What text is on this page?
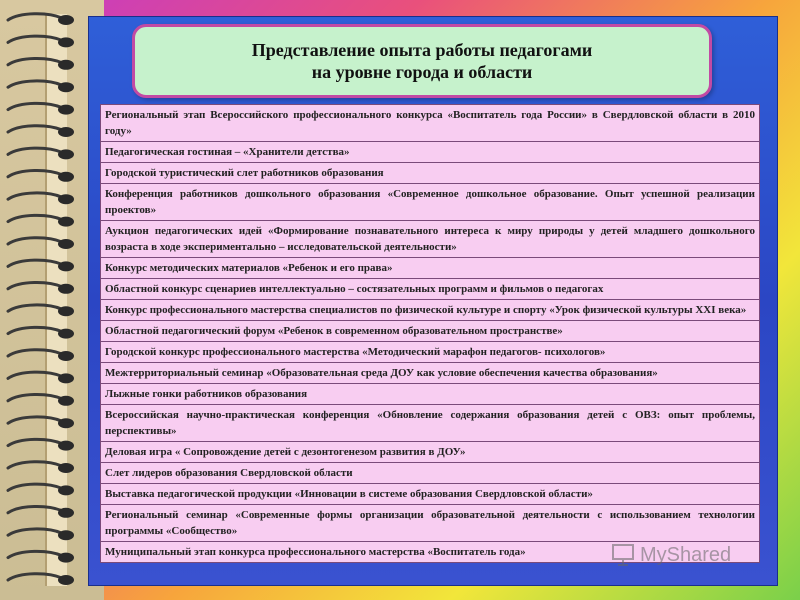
Представление опыта работы педагогами
на уровне города и области
Региональный этап Всероссийского профессионального конкурса «Воспитатель года России» в Свердловской области в 2010 году»
Педагогическая гостиная – «Хранители детства»
Городской туристический слет работников образования
Конференция работников дошкольного образования «Современное дошкольное образование. Опыт успешной реализации проектов»
Аукцион педагогических идей «Формирование познавательного интереса к миру природы у детей младшего дошкольного возраста в ходе экспериментально – исследовательской деятельности»
Конкурс методических материалов «Ребенок и его права»
Областной конкурс сценариев интеллектуально – состязательных программ и фильмов о педагогах
Конкурс профессионального мастерства специалистов по физической культуре и спорту «Урок физической культуры XXI века»
Областной педагогический форум «Ребенок в современном образовательном пространстве»
Городской конкурс профессионального мастерства «Методический марафон педагогов- психологов»
Межтерриториальный семинар «Образовательная среда ДОУ как условие обеспечения качества образования»
Лыжные гонки работников образования
Всероссийская научно-практическая конференция «Обновление содержания образования детей с ОВЗ: опыт проблемы, перспективы»
Деловая игра « Сопровождение детей с дезонтогенезом развития в ДОУ»
Слет лидеров образования Свердловской области
Выставка педагогической продукции «Инновации в системе образования Свердловской области»
Региональный семинар «Современные формы организации образовательной деятельности с использованием технологии программы «Сообщество»
Муниципальный этап конкурса профессионального мастерства «Воспитатель года»	MyShared
